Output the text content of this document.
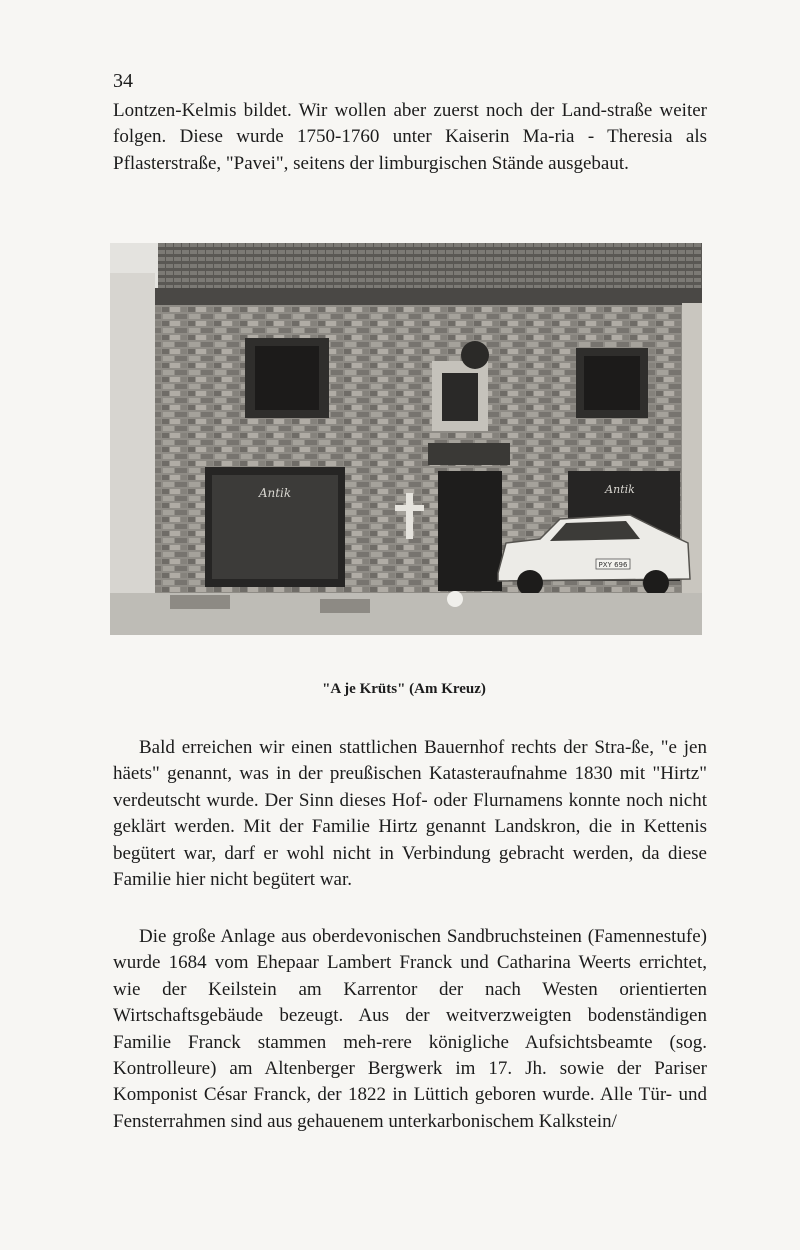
34

Lontzen-Kelmis bildet. Wir wollen aber zuerst noch der Land-straße weiter folgen. Diese wurde 1750-1760 unter Kaiserin Ma-ria - Theresia als Pflasterstraße, "Pavei", seitens der limburgischen Stände ausgebaut.

Antik	Antik
PXY 696
"A je Krüts" (Am Kreuz)

Bald erreichen wir einen stattlichen Bauernhof rechts der Stra-ße, "e jen häets" genannt, was in der preußischen Katasteraufnahme 1830 mit "Hirtz" verdeutscht wurde. Der Sinn dieses Hof- oder Flurnamens konnte noch nicht geklärt werden. Mit der Familie Hirtz genannt Landskron, die in Kettenis begütert war, darf er wohl nicht in Verbindung gebracht werden, da diese Familie hier nicht begütert war.

Die große Anlage aus oberdevonischen Sandbruchsteinen (Famennestufe) wurde 1684 vom Ehepaar Lambert Franck und Catharina Weerts errichtet, wie der Keilstein am Karrentor der nach Westen orientierten Wirtschaftsgebäude bezeugt. Aus der weitverzweigten bodenständigen Familie Franck stammen meh-rere königliche Aufsichtsbeamte (sog. Kontrolleure) am Altenberger Bergwerk im 17. Jh. sowie der Pariser Komponist César Franck, der 1822 in Lüttich geboren wurde. Alle Tür- und Fensterrahmen sind aus gehauenem unterkarbonischem Kalkstein/
